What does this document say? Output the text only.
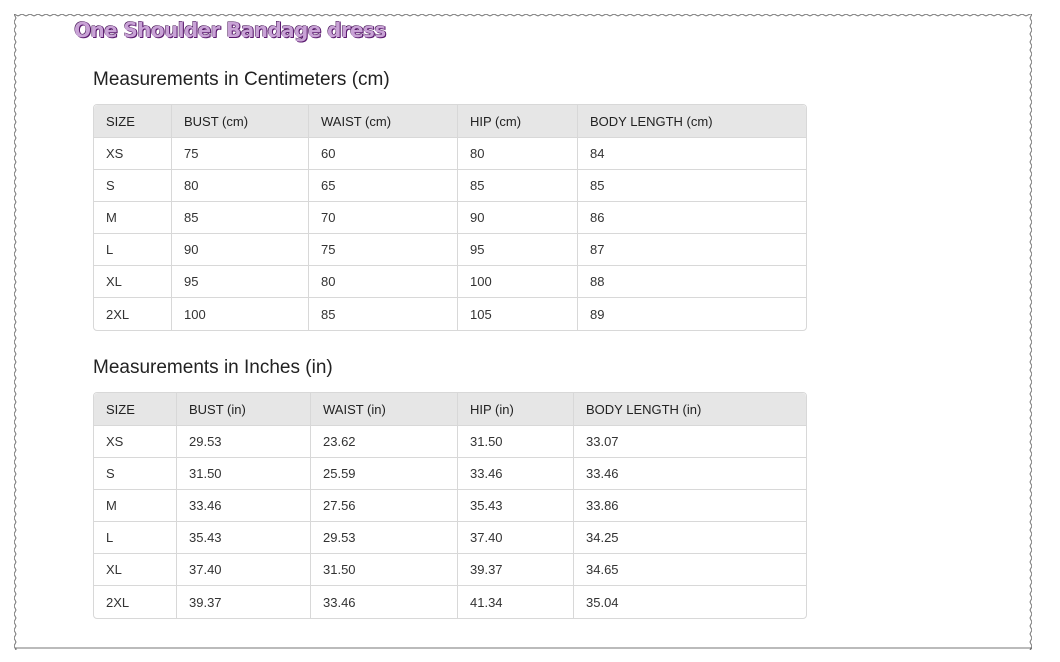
One Shoulder Bandage dress
Measurements in Centimeters (cm)
SIZE	BUST (cm)	WAIST (cm)	HIP (cm)	BODY LENGTH (cm)
XS	75	60	80	84
S	80	65	85	85
M	85	70	90	86
L	90	75	95	87
XL	95	80	100	88
2XL	100	85	105	89
Measurements in Inches (in)
SIZE	BUST (in)	WAIST (in)	HIP (in)	BODY LENGTH (in)
XS	29.53	23.62	31.50	33.07
S	31.50	25.59	33.46	33.46
M	33.46	27.56	35.43	33.86
L	35.43	29.53	37.40	34.25
XL	37.40	31.50	39.37	34.65
2XL	39.37	33.46	41.34	35.04
